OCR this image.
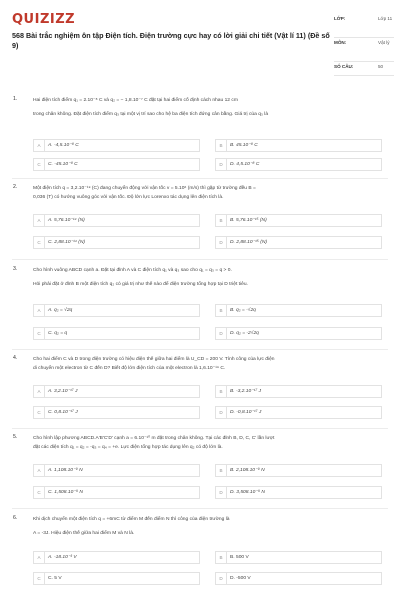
QUIZIZZ
568 Bài trắc nghiệm ôn tập Điện tích. Điện trường cực hay có lời giải chi tiết (Vật lí 11) (Đề số 9)
LỚP:	Lớp 11
MÔN:	Vật lý
SỐ CÂU:	50
1.	Hai điện tích điểm q₁ = 2.10⁻⁸ C và q₂ = − 1,8.10⁻⁷ C đặt tại hai điểm cố định cách nhau 12 cm
trong chân không. Đặt điện tích điểm q₃ tại một vị trí sao cho hệ ba điện tích đứng cân bằng. Giá trị của q₃ là
A	A. -4,5.10⁻⁸ C	B	B. 45.10⁻⁸ C
C	C. -45.10⁻⁸ C	D	D. 4,5.10⁻⁸ C
2.	Một điện tích q = 3,2.10⁻¹⁹ (C) đang chuyển động với vận tốc v = 5.10⁶ (m/s) thì gặp từ trường đều B =
0,036 (T) có hướng vuông góc với vận tốc. Độ lớn lực Lorenxo tác dụng lên điện tích là.
A	A. 5,76.10⁻¹⁴ (N)	B	B. 5,76.10⁻¹⁵ (N)
C	C. 2,88.10⁻¹⁴ (N)	D	D. 2,88.10⁻¹⁵ (N)
3.	Cho hình vuông ABCD cạnh a. Đặt tại đỉnh A và C điện tích q₁ và q₃ sao cho q₁ = q₃ = q > 0.
Hỏi phải đặt ở đỉnh B một điện tích q₂ có giá trị như thế nào để điện trường tổng hợp tại D triệt tiêu.
A	A. q₂ = √2q	B	B. q₂ = -√2q
C	C. q₂ = q	D	D. q₂ = -2√2q
4.	Cho hai điểm C và D trong điện trường có hiệu điện thế giữa hai điểm là U_CD = 200 V. Tính công của lực điện
di chuyển một electron từ C đến D? Biết độ lớn điện tích của một electron là 1,6.10⁻¹⁹ C.
A	A. 3,2.10⁻¹⁷ J	B	B. -3,2.10⁻¹⁷ J
C	C. 0,8.10⁻¹⁷ J	D	D. -0,8.10⁻¹⁷ J
5.	Cho hình lập phương ABCD.A'B'C'D' cạnh a = 6.10⁻¹⁰ m đặt trong chân không. Tại các đỉnh B, D, C, C' lần lượt
đặt các điện tích q₁ = q₂ = -q₃ = q₄ = +e. Lực điện tổng hợp tác dụng lên q₂ có độ lớn là.
A	A. 1,108.10⁻⁹ N	B	B. 2,108.10⁻⁹ N
C	C. 1,508.10⁻⁹ N	D	D. 3,508.10⁻⁹ N
6.	Khi dịch chuyển một điện tích q = +6mC từ điểm M đến điểm N thì công của điện trường là
A = -3J. Hiệu điện thế giữa hai điểm M và N là.
A	A. -18.10⁻³ V	B	B. 500 V
C	C. 5 V	D	D. -500 V
